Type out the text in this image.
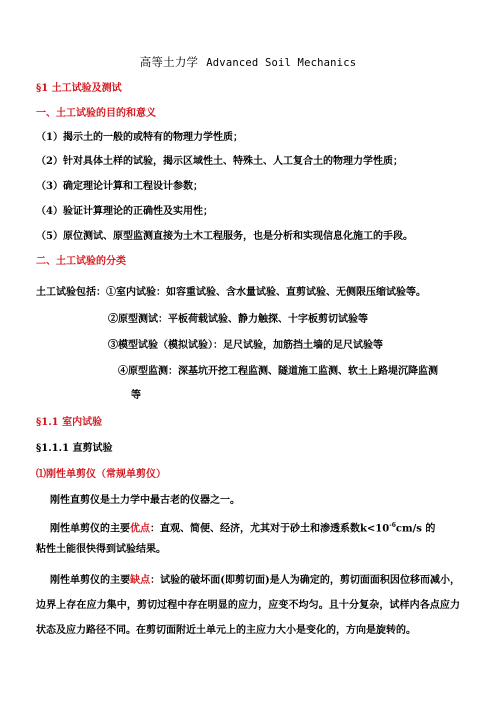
高等土力学 Advanced Soil Mechanics
§1 土工试验及测试
一、土工试验的目的和意义
（1）揭示土的一般的或特有的物理力学性质；
（2）针对具体土样的试验，揭示区域性土、特殊土、人工复合土的物理力学性质；
（3）确定理论计算和工程设计参数；
（4）验证计算理论的正确性及实用性；
（5）原位测试、原型监测直接为土木工程服务，也是分析和实现信息化施工的手段。
二、土工试验的分类
土工试验包括：①室内试验：如容重试验、含水量试验、直剪试验、无侧限压缩试验等。
②原型测试：平板荷载试验、静力触探、十字板剪切试验等
③模型试验（模拟试验）：足尺试验，加筋挡土墙的足尺试验等
④原型监测：深基坑开挖工程监测、隧道施工监测、软土上路堤沉降监测
等
§1.1 室内试验
§1.1.1 直剪试验
⑴刚性单剪仪（常规单剪仪）
刚性直剪仪是土力学中最古老的仪器之一。
刚性单剪仪的主要优点：直观、简便、经济，尤其对于砂土和渗透系数$k<10^{-6}cm/s$ 的
粘性土能很快得到试验结果。
刚性单剪仪的主要缺点：试验的破坏面(即剪切面)是人为确定的，剪切面面积因位移而减小，边界上存在应力集中，剪切过程中存在明显的应力，应变不均匀。且十分复杂，试样内各点应力状态及应力路径不同。在剪切面附近土单元上的主应力大小是变化的，方向是旋转的。
